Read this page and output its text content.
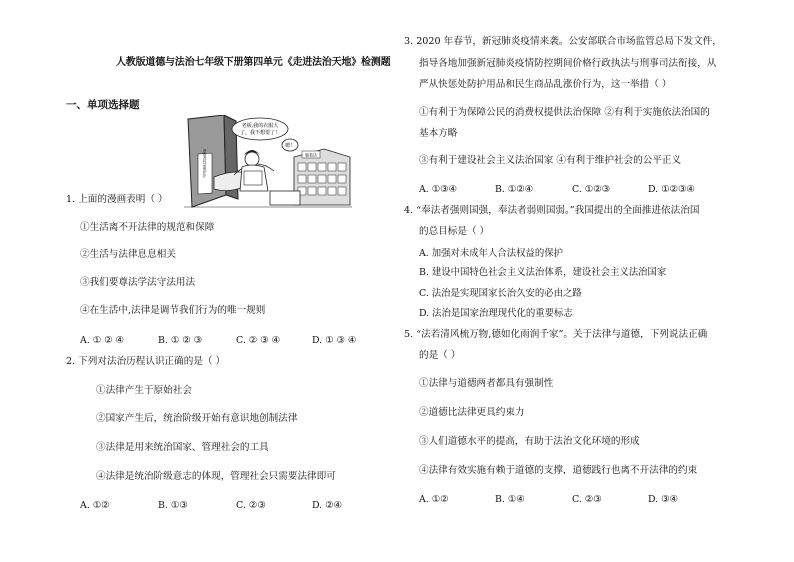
人教版道德与法治七年级下册第四单元《走进法治天地》检测题
一、单项选择题
消费者权益保护法
老板,我的衣服大
了，我不想要了！
嗯！
服装店
1. 上面的漫画表明（ ）
①生活离不开法律的规范和保障
②生活与法律息息相关
③我们要尊法学法守法用法
④在生活中,法律是调节我们行为的唯一规则
A. ① ② ④	B. ① ② ③	C. ② ③ ④	D. ① ③ ④
2. 下列对法治历程认识正确的是（ ）
①法律产生于原始社会
②国家产生后，统治阶级开始有意识地创制法律
③法律是用来统治国家、管理社会的工具
④法律是统治阶级意志的体现，管理社会只需要法律即可
A. ①②	B. ①③	C. ②③	D. ②④
3. 2020 年春节，新冠肺炎疫情来袭。公安部联合市场监管总局下发文件，
指导各地加强新冠肺炎疫情防控期间价格行政执法与刑事司法衔接，从
严从快惩处防护用品和民生商品乱涨价行为，这一举措（ ）
①有利于为保障公民的消费权提供法治保障 ②有利于实施依法治国的
基本方略
③有利于建设社会主义法治国家 ④有利于维护社会的公平正义
A. ①③④	B. ①②④	C. ①②③	D. ①②③④
4. “奉法者强则国强，奉法者弱则国弱。”我国提出的全面推进依法治国
的总目标是（ ）
A. 加强对未成年人合法权益的保护
B. 建设中国特色社会主义法治体系，建设社会主义法治国家
C. 法治是实现国家长治久安的必由之路
D. 法治是国家治理现代化的重要标志
5. “法若清风梳万物,德如化雨润千家”。关于法律与道德，下列说法正确
的是（ ）
①法律与道德两者都具有强制性
②道德比法律更具约束力
③人们道德水平的提高，有助于法治文化环境的形成
④法律有效实施有赖于道德的支撑，道德践行也离不开法律的约束
A. ①②	B. ①④	C. ②③	D. ③④
